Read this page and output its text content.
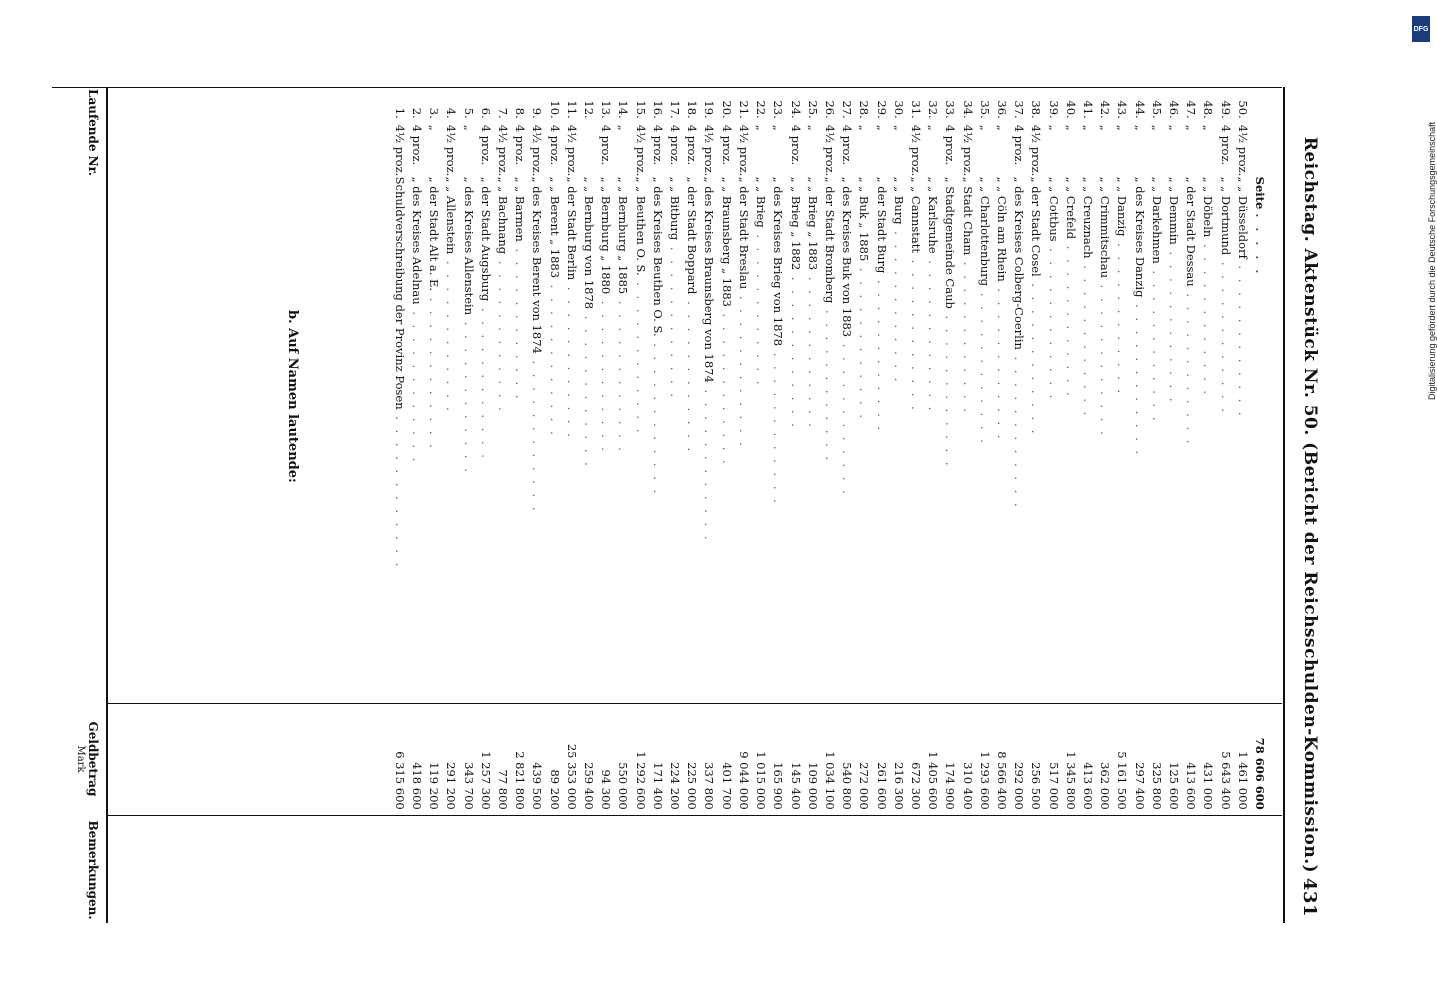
Reichstag. Aktenstück Nr. 50. (Bericht der Reichsschulden-Kommission.)
431
Geldbetrag
Mark
Bemerkungen.
Laufende Nr.
b. Auf Namen lautende:
		Seite . . . . .	78 606 600	
50.	4½ proz.	„ „ Düsseldorf . . . . . . . . . . . .	1 461 000	
49.	4 proz.	„ „ Dortmund . . . . . . . . . . . .	5 643 400	
48.	„	„ „ Döbeln . . . . . . . . . . . .	431 000	
47.	„	„ der Stadt Dessau . . . . . . . . . . . .	413 600	
46.	„	„ „ Demmin . . . . . . . . . . . .	125 600	
45.	„	„ „ Darkehmen . . . . . . . . . . . .	325 800	
44.	„	„ des Kreises Danzig . . . . . . . . . . . .	297 400	
43.	„	„ „ Danzig . . . . . . . . . . . .	5 161 500	
42.	„	„ „ Crimmitschau . . . . . . . . . . . .	362 000	
41.	„	„ „ Creuznach . . . . . . . . . . . .	413 600	
40.	„	„ „ Crefeld . . . . . . . . . . . .	1 345 800	
39.	„	„ „ Cottbus . . . . . . . . . . . .	517 000	
38.	4½ proz.	„ der Stadt Cosel . . . . . . . . . . . .	256 500	
37.	4 proz.	„ des Kreises Colberg-Coerlin . . . . . . . . . . . .	292 000	
36.	„	„ „ Cöln am Rhein . . . . . . . . . . . .	8 566 400	
35.	„	„ „ Charlottenburg . . . . . . . . . . . .	1 293 600	
34.	4½ proz.	„ Stadt Cham . . . . . . . . . . . .	310 400	
33.	4 proz.	„ Stadtgemeinde Caub . . . . . . . . . . . .	174 900	
32.	„	„ „ Karlsruhe . . . . . . . . . . . .	1 405 600	
31.	4½ proz.	„ „ Cannstatt . . . . . . . . . . . .	672 300	
30.	„	„ „ Burg . . . . . . . . . . . .	216 300	
29.	„	„ der Stadt Burg . . . . . . . . . . . .	261 600	
28.	„	„ „ Buk „ 1885 . . . . . . . . . . . .	272 000	
27.	4 proz.	„ des Kreises Buk von 1883 . . . . . . . . . . . .	540 800	
26.	4½ proz.	„ der Stadt Bromberg . . . . . . . . . . . .	1 034 100	
25.	„	„ „ Brieg „ 1883 . . . . . . . . . . . .	109 000	
24.	4 proz.	„ „ Brieg „ 1882 . . . . . . . . . . . .	145 400	
23.	„	„ des Kreises Brieg von 1878 . . . . . . . . . . . .	165 900	
22.	„	„ „ Brieg . . . . . . . . . . . .	1 015 000	
21.	4½ proz.	„ der Stadt Breslau . . . . . . . . . . . .	9 044 000	
20.	4 proz.	„ „ Braunsberg „ 1883 . . . . . . . . . . . .	401 700	
19.	4½ proz.	„ des Kreises Braunsberg von 1874 . . . . . . . . . . . .	337 800	
18.	4 proz.	„ der Stadt Boppard . . . . . . . . . . . .	225 000	
17.	4 proz.	„ „ Bitburg . . . . . . . . . . . .	224 200	
16.	4 proz.	„ des Kreises Beuthen O. S. . . . . . . . . . . . .	171 400	
15.	4½ proz.	„ „ Beuthen O. S. . . . . . . . . . . . .	1 292 600	
14.	„	„ „ Bernburg „ 1885 . . . . . . . . . . . .	550 000	
13.	4 proz.	„ „ Bernburg „ 1880 . . . . . . . . . . . .	94 300	
12.		„ „ Bernburg von 1878 . . . . . . . . . . . .	259 400	
11.	4½ proz.	„ der Stadt Berlin . . . . . . . . . . . .	25 353 000	
10.	4 proz.	„ „ Berent „ 1883 . . . . . . . . . . . .	89 200	
9.	4½ proz.	„ des Kreises Berent von 1874 . . . . . . . . . . . .	439 500	
8.	4 proz.	„ „ Barmen . . . . . . . . . . . .	2 821 800	
7.	4½ proz.	„ „ Bachnang . . . . . . . . . . . .	77 800	
6.	4 proz.	„ der Stadt Augsburg . . . . . . . . . . . .	1 257 300	
5.	„	„ des Kreises Allenstein . . . . . . . . . . . .	343 700	
4.	4½ proz.	„ „ Allenstein . . . . . . . . . . . .	291 200	
3.	„	„ der Stadt Alt a. E. . . . . . . . . . . . .	119 200	
2.	4 proz.	„ des Kreises Adelnau . . . . . . . . . . . .	418 600	
1.	4½ proz.	Schuldverschreibung der Provinz Posen . . . . . . . . . . . .	6 315 600	
DFG
Digitalisierung gefördert durch die Deutsche Forschungsgemeinschaft
